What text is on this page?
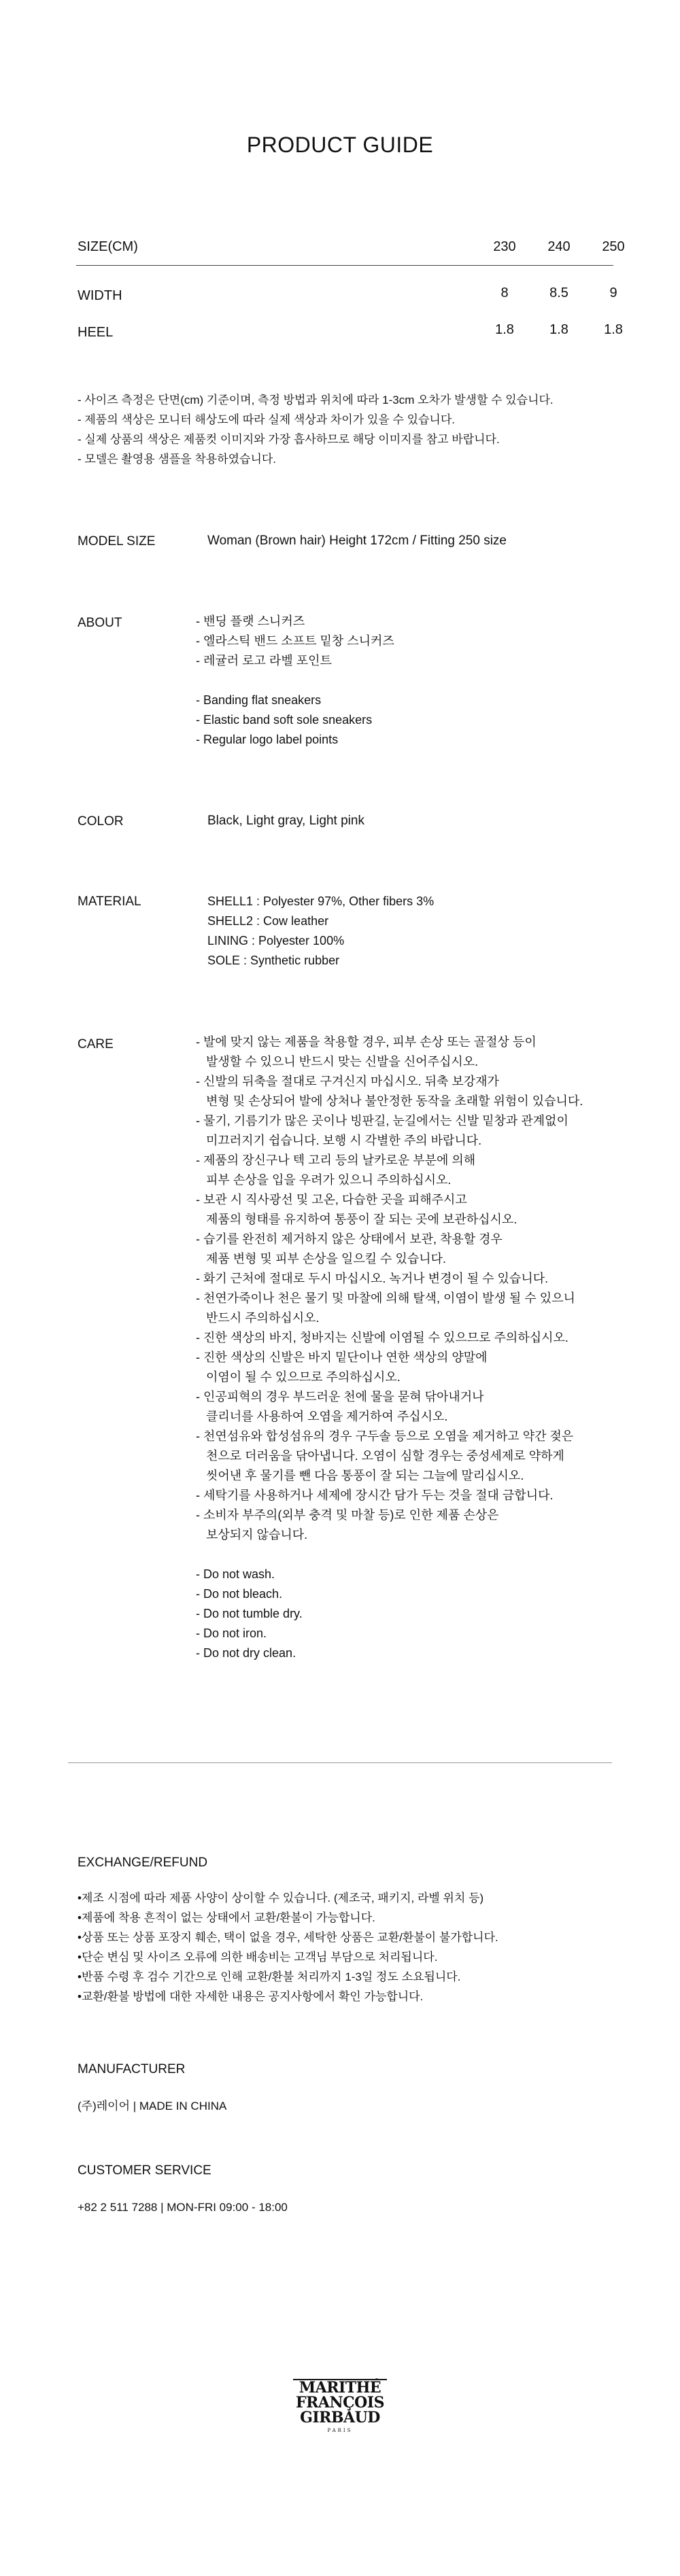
PRODUCT GUIDE
SIZE(CM)	230	240	250
WIDTH	8	8.5	9
HEEL	1.8	1.8	1.8
- 사이즈 측정은 단면(cm) 기준이며, 측정 방법과 위치에 따라 1-3cm 오차가 발생할 수 있습니다.
- 제품의 색상은 모니터 해상도에 따라 실제 색상과 차이가 있을 수 있습니다.
- 실제 상품의 색상은 제품컷 이미지와 가장 흡사하므로 해당 이미지를 참고 바랍니다.
- 모델은 촬영용 샘플을 착용하였습니다.
MODEL SIZE	Woman (Brown hair) Height 172cm / Fitting 250 size
ABOUT	- 밴딩 플랫 스니커즈
- 엘라스틱 밴드 소프트 밑창 스니커즈
- 레귤러 로고 라벨 포인트
- Banding flat sneakers
- Elastic band soft sole sneakers
- Regular logo label points
COLOR	Black, Light gray, Light pink
MATERIAL	SHELL1 : Polyester 97%, Other fibers 3%
SHELL2 : Cow leather
LINING : Polyester 100%
SOLE : Synthetic rubber
CARE	- 발에 맞지 않는 제품을 착용할 경우, 피부 손상 또는 골절상 등이
발생할 수 있으니 반드시 맞는 신발을 신어주십시오.
- 신발의 뒤축을 절대로 구겨신지 마십시오. 뒤축 보강재가
변형 및 손상되어 발에 상처나 불안정한 동작을 초래할 위험이 있습니다.
- 물기, 기름기가 많은 곳이나 빙판길, 눈길에서는 신발 밑창과 관계없이
미끄러지기 쉽습니다. 보행 시 각별한 주의 바랍니다.
- 제품의 장신구나 텍 고리 등의 날카로운 부분에 의해
피부 손상을 입을 우려가 있으니 주의하십시오.
- 보관 시 직사광선 및 고온, 다습한 곳을 피해주시고
제품의 형태를 유지하여 통풍이 잘 되는 곳에 보관하십시오.
- 습기를 완전히 제거하지 않은 상태에서 보관, 착용할 경우
제품 변형 및 피부 손상을 일으킬 수 있습니다.
- 화기 근처에 절대로 두시 마십시오. 녹거나 변경이 될 수 있습니다.
- 천연가죽이나 천은 물기 및 마찰에 의해 탈색, 이염이 발생 될 수 있으니
반드시 주의하십시오.
- 진한 색상의 바지, 청바지는 신발에 이염될 수 있으므로 주의하십시오.
- 진한 색상의 신발은 바지 밑단이나 연한 색상의 양말에
이염이 될 수 있으므로 주의하십시오.
- 인공피혁의 경우 부드러운 천에 물을 묻혀 닦아내거나
클리너를 사용하여 오염을 제거하여 주십시오.
- 천연섬유와 합성섬유의 경우 구두솔 등으로 오염을 제거하고 약간 젖은
천으로 더러움을 닦아냅니다. 오염이 심할 경우는 중성세제로 약하게
씻어낸 후 물기를 뺀 다음 통풍이 잘 되는 그늘에 말리십시오.
- 세탁기를 사용하거나 세제에 장시간 담가 두는 것을 절대 금합니다.
- 소비자 부주의(외부 충격 및 마찰 등)로 인한 제품 손상은
보상되지 않습니다.
- Do not wash.
- Do not bleach.
- Do not tumble dry.
- Do not iron.
- Do not dry clean.
EXCHANGE/REFUND
•제조 시점에 따라 제품 사양이 상이할 수 있습니다. (제조국, 패키지, 라벨 위치 등)
•제품에 착용 흔적이 없는 상태에서 교환/환불이 가능합니다.
•상품 또는 상품 포장지 훼손, 택이 없을 경우, 세탁한 상품은 교환/환불이 불가합니다.
•단순 변심 및 사이즈 오류에 의한 배송비는 고객님 부담으로 처리됩니다.
•반품 수령 후 검수 기간으로 인해 교환/환불 처리까지 1-3일 정도 소요됩니다.
•교환/환불 방법에 대한 자세한 내용은 공지사항에서 확인 가능합니다.
MANUFACTURER
(주)레이어 | MADE IN CHINA
CUSTOMER SERVICE
+82 2 511 7288 | MON-FRI 09:00 - 18:00
MARITHÉ
FRANÇOIS
GIRBAUD
PARIS
